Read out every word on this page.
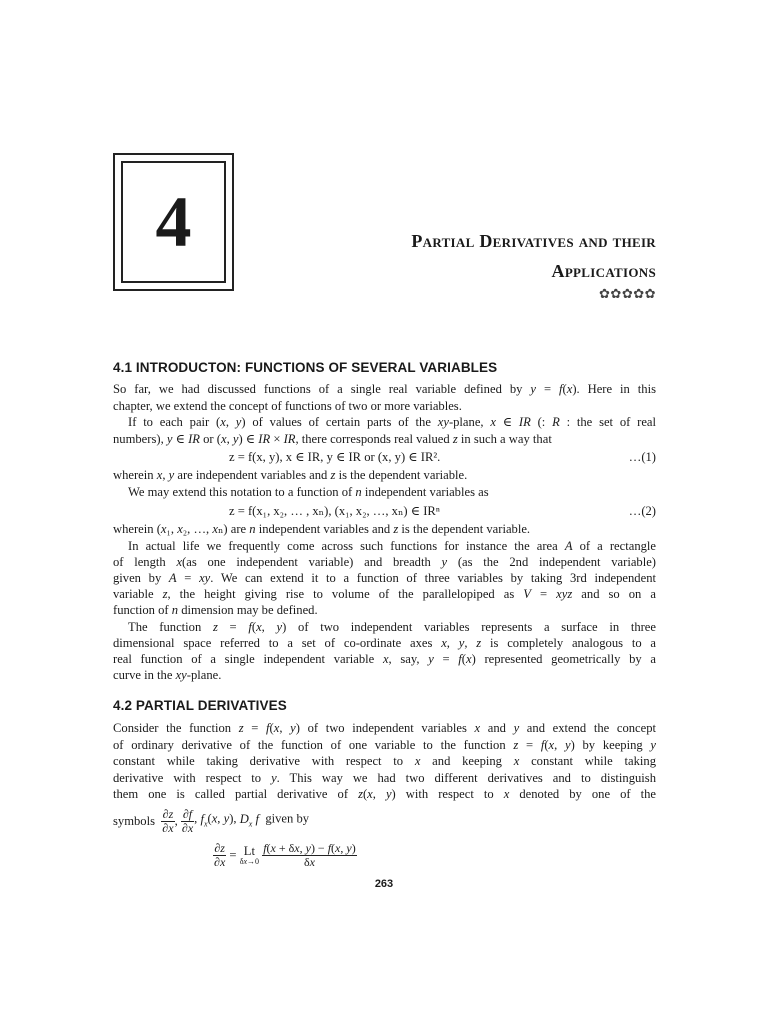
4	Partial Derivatives and their
Applications
✿✿✿✿✿
4.1 INTRODUCTON: FUNCTIONS OF SEVERAL VARIABLES
So far, we had discussed functions of a single real variable defined by y = f(x). Here in this
chapter, we extend the concept of functions of two or more variables.
If to each pair (x, y) of values of certain parts of the xy-plane, x ∈ IR (: R : the set of real
numbers), y ∈ IR or (x, y) ∈ IR × IR, there corresponds real valued z in such a way that
z = f(x, y), x ∈ IR, y ∈ IR or (x, y) ∈ IR².	…(1)
wherein x, y are independent variables and z is the dependent variable.
We may extend this notation to a function of n independent variables as
z = f(x₁, x₂, … , xₙ), (x₁, x₂, …, xₙ) ∈ IRⁿ	…(2)
wherein (x₁, x₂, …, xₙ) are n independent variables and z is the dependent variable.
In actual life we frequently come across such functions for instance the area A of a rectangle
of length x(as one independent variable) and breadth y (as the 2nd independent variable)
given by A = xy. We can extend it to a function of three variables by taking 3rd independent
variable z, the height giving rise to volume of the parallelopiped as V = xyz and so on a
function of n dimension may be defined.
The function z = f(x, y) of two independent variables represents a surface in three
dimensional space referred to a set of co-ordinate axes x, y, z is completely analogous to a
real function of a single independent variable x, say, y = f(x) represented geometrically by a
curve in the xy-plane.
4.2 PARTIAL DERIVATIVES
Consider the function z = f(x, y) of two independent variables x and y and extend the concept
of ordinary derivative of the function of one variable to the function z = f(x, y) by keeping y
constant while taking derivative with respect to x and keeping x constant while taking
derivative with respect to y. This way we had two different derivatives and to distinguish
them one is called partial derivative of z(x, y) with respect to x denoted by one of the
symbols $\frac{\partial z}{\partial x}$ , $\frac{\partial f}{\partial x}$ , $f_x(x$, y), $D_x$ f  given by
$\frac{\partial z}{\partial x} = Lt$
δx→0
$\frac{f(x + \delta x, y) - f(x, y)}{\delta x}$
263
